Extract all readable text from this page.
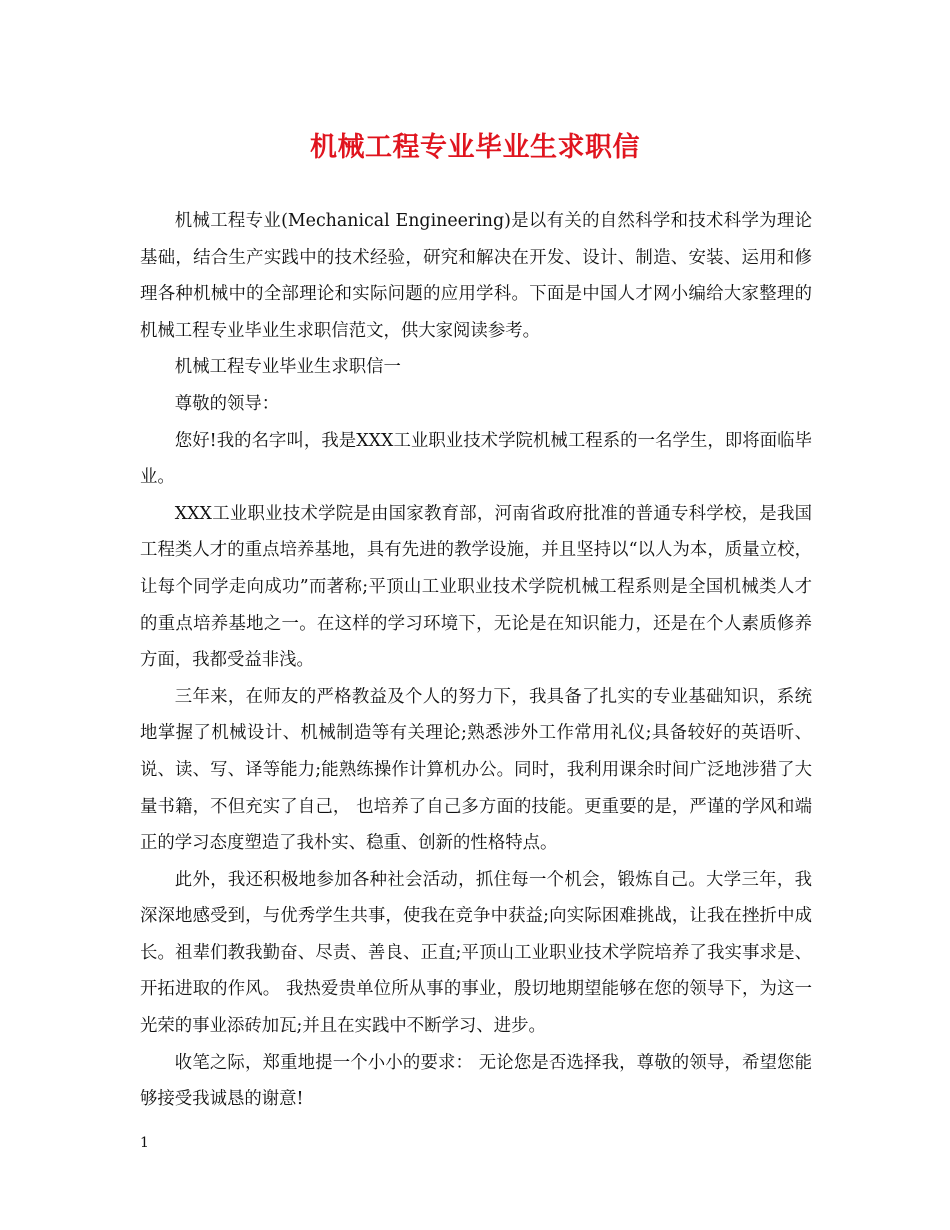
机械工程专业毕业生求职信

机械工程专业(Mechanical Engineering)是以有关的自然科学和技术科学为理论基础，结合生产实践中的技术经验，研究和解决在开发、设计、制造、安装、运用和修理各种机械中的全部理论和实际问题的应用学科。下面是中国人才网小编给大家整理的机械工程专业毕业生求职信范文，供大家阅读参考。

机械工程专业毕业生求职信一

尊敬的领导：

您好!我的名字叫，我是XXX工业职业技术学院机械工程系的一名学生，即将面临毕业。

XXX工业职业技术学院是由国家教育部，河南省政府批准的普通专科学校，是我国工程类人才的重点培养基地，具有先进的教学设施，并且坚持以“以人为本，质量立校，让每个同学走向成功”而著称;平顶山工业职业技术学院机械工程系则是全国机械类人才的重点培养基地之一。在这样的学习环境下，无论是在知识能力，还是在个人素质修养方面，我都受益非浅。

三年来，在师友的严格教益及个人的努力下，我具备了扎实的专业基础知识，系统地掌握了机械设计、机械制造等有关理论;熟悉涉外工作常用礼仪;具备较好的英语听、说、读、写、译等能力;能熟练操作计算机办公。同时，我利用课余时间广泛地涉猎了大量书籍，不但充实了自己， 也培养了自己多方面的技能。更重要的是，严谨的学风和端正的学习态度塑造了我朴实、稳重、创新的性格特点。

此外，我还积极地参加各种社会活动，抓住每一个机会，锻炼自己。大学三年，我深深地感受到，与优秀学生共事，使我在竞争中获益;向实际困难挑战，让我在挫折中成长。祖辈们教我勤奋、尽责、善良、正直;平顶山工业职业技术学院培养了我实事求是、开拓进取的作风。 我热爱贵单位所从事的事业，殷切地期望能够在您的领导下，为这一光荣的事业添砖加瓦;并且在实践中不断学习、进步。

收笔之际，郑重地提一个小小的要求： 无论您是否选择我，尊敬的领导，希望您能够接受我诚恳的谢意!

1
